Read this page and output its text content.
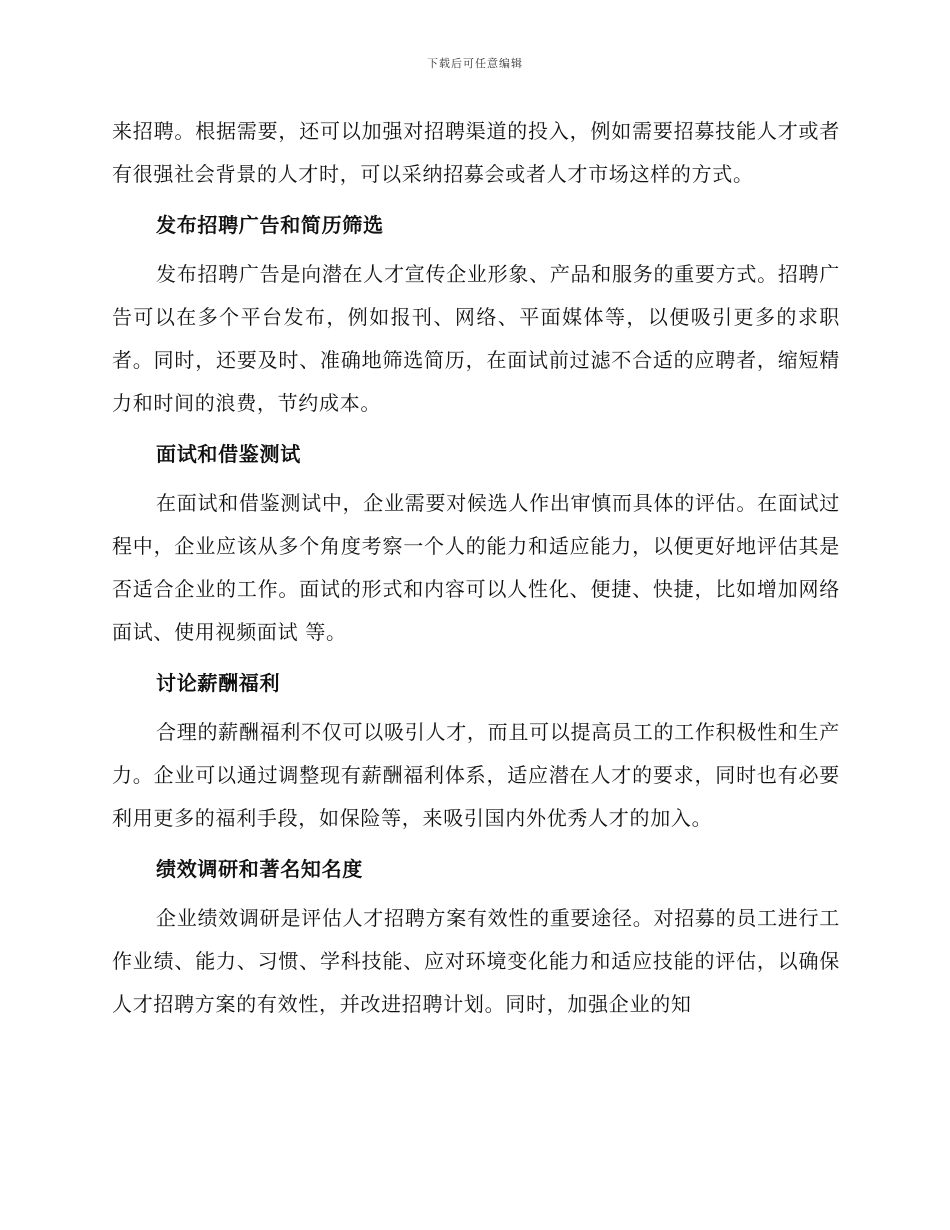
下载后可任意编辑

来招聘。根据需要，还可以加强对招聘渠道的投入，例如需要招募技能人才或者有很强社会背景的人才时，可以采纳招募会或者人才市场这样的方式。

发布招聘广告和简历筛选

发布招聘广告是向潜在人才宣传企业形象、产品和服务的重要方式。招聘广告可以在多个平台发布，例如报刊、网络、平面媒体等，以便吸引更多的求职者。同时，还要及时、准确地筛选简历，在面试前过滤不合适的应聘者，缩短精力和时间的浪费，节约成本。

面试和借鉴测试

在面试和借鉴测试中，企业需要对候选人作出审慎而具体的评估。在面试过程中，企业应该从多个角度考察一个人的能力和适应能力，以便更好地评估其是否适合企业的工作。面试的形式和内容可以人性化、便捷、快捷，比如增加网络面试、使用视频面试 等。

讨论薪酬福利

合理的薪酬福利不仅可以吸引人才，而且可以提高员工的工作积极性和生产力。企业可以通过调整现有薪酬福利体系，适应潜在人才的要求，同时也有必要利用更多的福利手段，如保险等，来吸引国内外优秀人才的加入。

绩效调研和著名知名度

企业绩效调研是评估人才招聘方案有效性的重要途径。对招募的员工进行工作业绩、能力、习惯、学科技能、应对环境变化能力和适应技能的评估，以确保人才招聘方案的有效性，并改进招聘计划。同时，加强企业的知
